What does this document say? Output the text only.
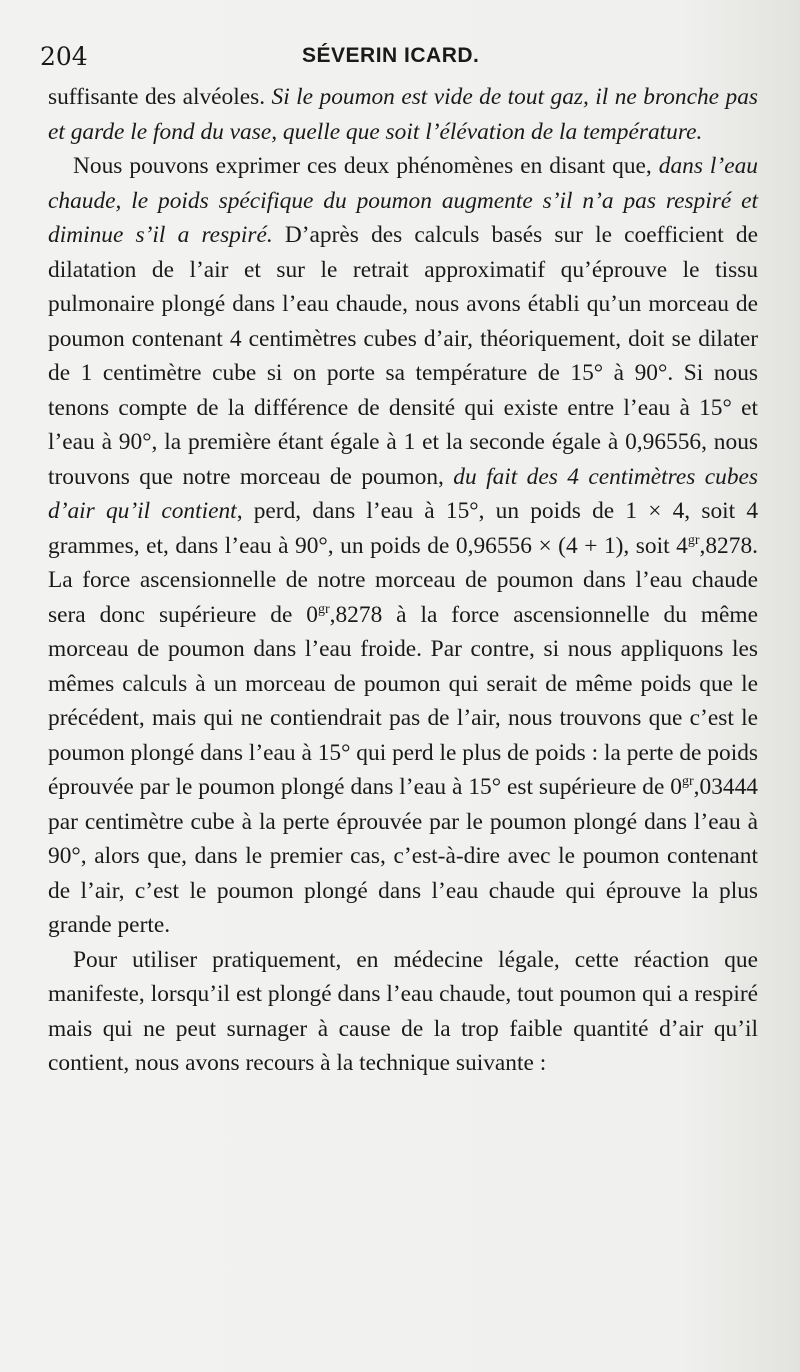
204	SÉVERIN ICARD.

suffisante des alvéoles. Si le poumon est vide de tout gaz, il ne bronche pas et garde le fond du vase, quelle que soit l’élévation de la température.

Nous pouvons exprimer ces deux phénomènes en disant que, dans l’eau chaude, le poids spécifique du poumon augmente s’il n’a pas respiré et diminue s’il a respiré. D’après des calculs basés sur le coefficient de dilatation de l’air et sur le retrait approximatif qu’éprouve le tissu pulmonaire plongé dans l’eau chaude, nous avons établi qu’un morceau de poumon contenant 4 centimètres cubes d’air, théoriquement, doit se dilater de 1 centimètre cube si on porte sa température de 15° à 90°. Si nous tenons compte de la différence de densité qui existe entre l’eau à 15° et l’eau à 90°, la première étant égale à 1 et la seconde égale à 0,96556, nous trouvons que notre morceau de poumon, du fait des 4 centimètres cubes d’air qu’il contient, perd, dans l’eau à 15°, un poids de 1 × 4, soit 4 grammes, et, dans l’eau à 90°, un poids de 0,96556 × (4 + 1), soit $4^{gr},8278$. La force ascensionnelle de notre morceau de poumon dans l’eau chaude sera donc supérieure de $0^{gr},8278$ à la force ascensionnelle du même morceau de poumon dans l’eau froide. Par contre, si nous appliquons les mêmes calculs à un morceau de poumon qui serait de même poids que le précédent, mais qui ne contiendrait pas de l’air, nous trouvons que c’est le poumon plongé dans l’eau à 15° qui perd le plus de poids : la perte de poids éprouvée par le poumon plongé dans l’eau à 15° est supérieure de $0^{gr},03444$ par centimètre cube à la perte éprouvée par le poumon plongé dans l’eau à 90°, alors que, dans le premier cas, c’est-à-dire avec le poumon contenant de l’air, c’est le poumon plongé dans l’eau chaude qui éprouve la plus grande perte.

Pour utiliser pratiquement, en médecine légale, cette réaction que manifeste, lorsqu’il est plongé dans l’eau chaude, tout poumon qui a respiré mais qui ne peut surnager à cause de la trop faible quantité d’air qu’il contient, nous avons recours à la technique suivante :
